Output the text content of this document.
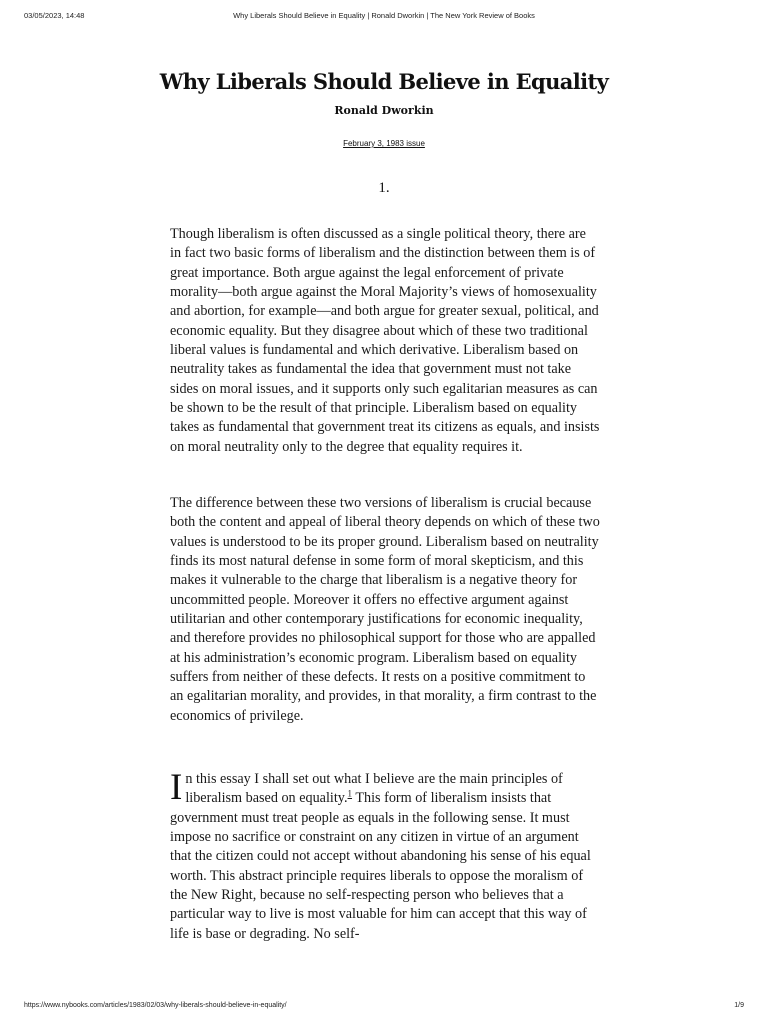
03/05/2023, 14:48	Why Liberals Should Believe in Equality | Ronald Dworkin | The New York Review of Books
Why Liberals Should Believe in Equality
Ronald Dworkin
February 3, 1983 issue
1.

Though liberalism is often discussed as a single political theory, there are in fact two basic forms of liberalism and the distinction between them is of great importance. Both argue against the legal enforcement of private morality—both argue against the Moral Majority’s views of homosexuality and abortion, for example—and both argue for greater sexual, political, and economic equality. But they disagree about which of these two traditional liberal values is fundamental and which derivative. Liberalism based on neutrality takes as fundamental the idea that government must not take sides on moral issues, and it supports only such egalitarian measures as can be shown to be the result of that principle. Liberalism based on equality takes as fundamental that government treat its citizens as equals, and insists on moral neutrality only to the degree that equality requires it.

The difference between these two versions of liberalism is crucial because both the content and appeal of liberal theory depends on which of these two values is understood to be its proper ground. Liberalism based on neutrality finds its most natural defense in some form of moral skepticism, and this makes it vulnerable to the charge that liberalism is a negative theory for uncommitted people. Moreover it offers no effective argument against utilitarian and other contemporary justifications for economic inequality, and therefore provides no philosophical support for those who are appalled at his administration’s economic program. Liberalism based on equality suffers from neither of these defects. It rests on a positive commitment to an egalitarian morality, and provides, in that morality, a firm contrast to the economics of privilege.

In this essay I shall set out what I believe are the main principles of liberalism based on equality.$^1$ This form of liberalism insists that government must treat people as equals in the following sense. It must impose no sacrifice or constraint on any citizen in virtue of an argument that the citizen could not accept without abandoning his sense of his equal worth. This abstract principle requires liberals to oppose the moralism of the New Right, because no self-respecting person who believes that a particular way to live is most valuable for him can accept that this way of life is base or degrading. No self-

https://www.nybooks.com/articles/1983/02/03/why-liberals-should-believe-in-equality/	1/9
